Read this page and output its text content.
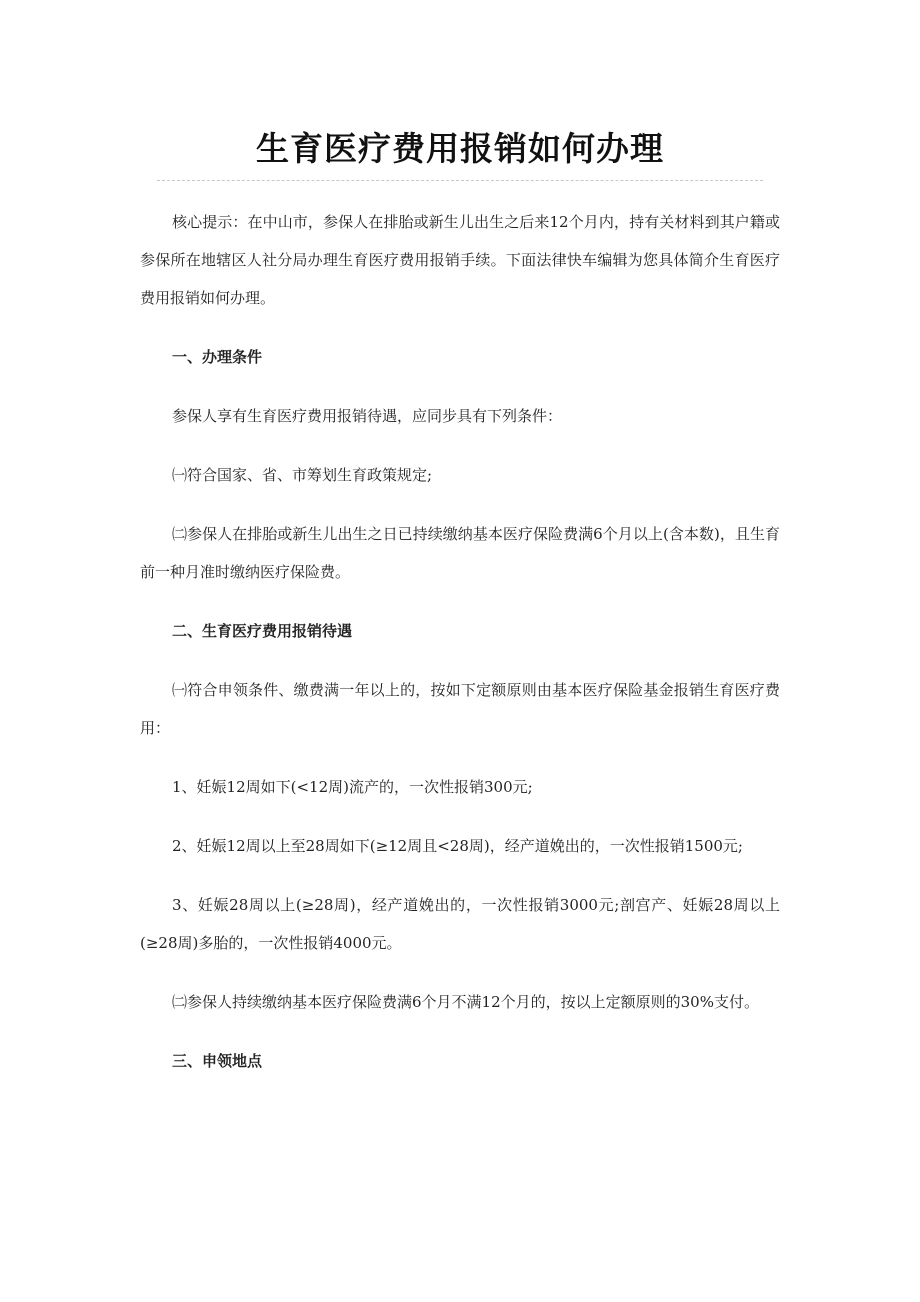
生育医疗费用报销如何办理

核心提示：在中山市，参保人在排胎或新生儿出生之后来12个月内，持有关材料到其户籍或参保所在地辖区人社分局办理生育医疗费用报销手续。下面法律快车编辑为您具体简介生育医疗费用报销如何办理。

一、办理条件

参保人享有生育医疗费用报销待遇，应同步具有下列条件：

㈠符合国家、省、市筹划生育政策规定;

㈡参保人在排胎或新生儿出生之日已持续缴纳基本医疗保险费满6个月以上(含本数)，且生育前一种月准时缴纳医疗保险费。

二、生育医疗费用报销待遇

㈠符合申领条件、缴费满一年以上的，按如下定额原则由基本医疗保险基金报销生育医疗费用：

1、妊娠12周如下(<12周)流产的，一次性报销300元;

2、妊娠12周以上至28周如下(≥12周且<28周)，经产道娩出的，一次性报销1500元;

3、妊娠28周以上(≥28周)，经产道娩出的，一次性报销3000元;剖宫产、妊娠28周以上(≥28周)多胎的，一次性报销4000元。

㈡参保人持续缴纳基本医疗保险费满6个月不满12个月的，按以上定额原则的30%支付。

三、申领地点
